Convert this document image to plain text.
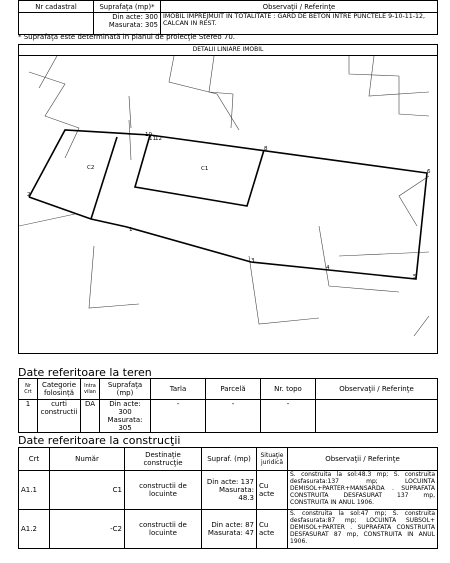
Nr cadastral	Suprafaţa (mp)*	Observaţii / Referinţe

	Din acte: 300
Masurata: 305	IMOBIL IMPREJMUIT IN TOTALITATE : GARD DE BETON INTRE PUNCTELE 9-10-11-12, CALCAN IN REST.
* Suprafaţa este determinată in planul de proiecţie Stereo 70.
DETALII LINIARE IMOBIL
C2	C1
1
2
3
4
5
6
8
10
11 12
Date referitoare la teren
Nr Crt	Categorie folosință	Intra vilan	Suprafaţa (mp)	Tarla	Parcelă	Nr. topo	Observaţii / Referinţe
1	curti constructii	DA	Din acte: 300
Masurata: 305	-	-	-	
Date referitoare la construcţii
Crt	Număr	Destinaţie construcţie	Supraf. (mp)	Situaţie juridică	Observaţii / Referinţe
A1.1	C1	constructii de locuinte	Din acte: 137
Masurata: 48.3	Cu acte	S. construita la sol:48.3 mp; S. construita desfasurata:137 mp; LOCUINTA DEMISOL+PARTER+MANSARDA . SUPRAFATA CONSTRUITA DESFASURAT 137 mp, CONSTRUITA IN ANUL 1906.
A1.2	-C2	constructii de locuinte	Din acte: 87
Masurata: 47	Cu acte	S. construita la sol:47 mp; S. construita desfasurata:87 mp; LOCUINTA SUBSOL+ DEMISOL+PARTER . SUPRAFATA CONSTRUITA DESFASURAT 87 mp, CONSTRUITA IN ANUL 1906.
